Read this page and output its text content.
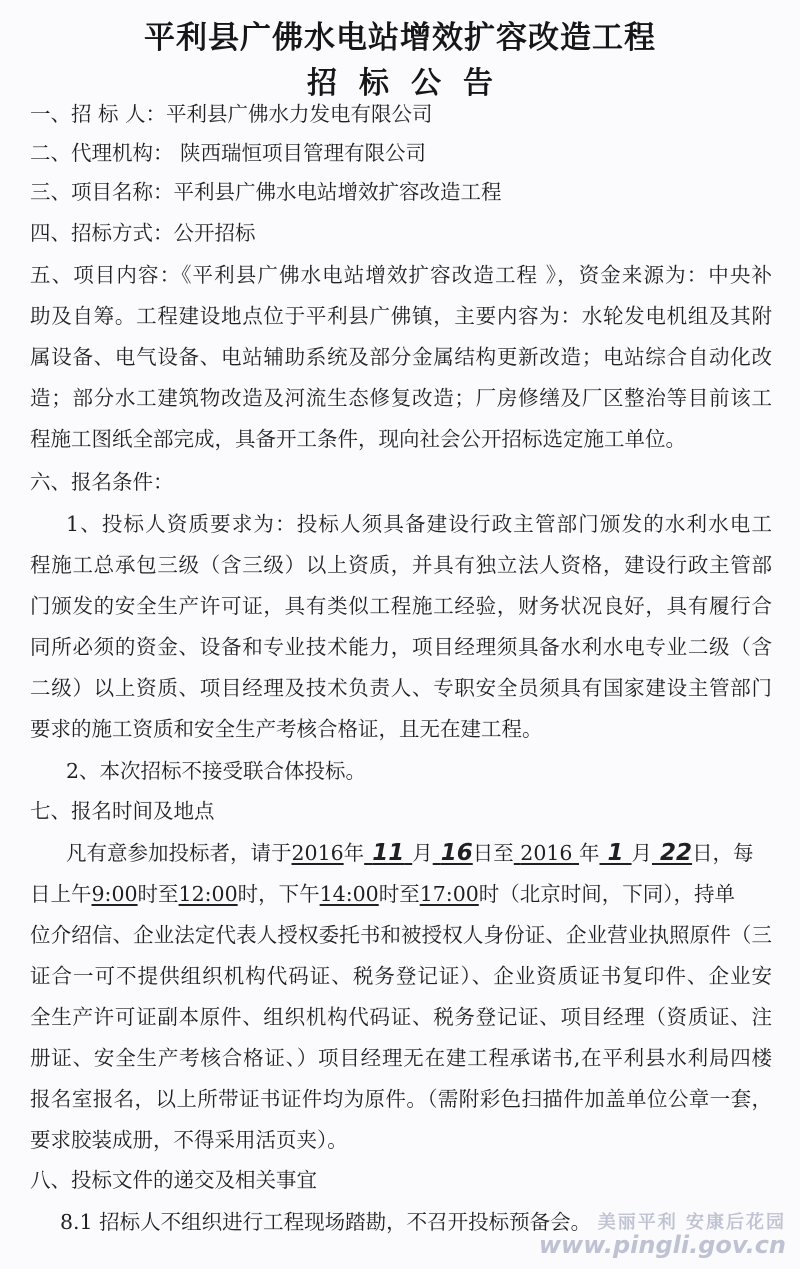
平利县广佛水电站增效扩容改造工程
招标公告
一、招 标 人：平利县广佛水力发电有限公司
二、代理机构： 陕西瑞恒项目管理有限公司
三、项目名称：平利县广佛水电站增效扩容改造工程
四、招标方式：公开招标
五、项目内容：《平利县广佛水电站增效扩容改造工程 》，资金来源为：中央补
助及自筹。工程建设地点位于平利县广佛镇，主要内容为：水轮发电机组及其附
属设备、电气设备、电站辅助系统及部分金属结构更新改造；电站综合自动化改
造；部分水工建筑物改造及河流生态修复改造；厂房修缮及厂区整治等目前该工
程施工图纸全部完成，具备开工条件，现向社会公开招标选定施工单位。
六、报名条件：
1、投标人资质要求为：投标人须具备建设行政主管部门颁发的水利水电工
程施工总承包三级（含三级）以上资质，并具有独立法人资格，建设行政主管部
门颁发的安全生产许可证，具有类似工程施工经验，财务状况良好，具有履行合
同所必须的资金、设备和专业技术能力，项目经理须具备水利水电专业二级（含
二级）以上资质、项目经理及技术负责人、专职安全员须具有国家建设主管部门
要求的施工资质和安全生产考核合格证，且无在建工程。
2、本次招标不接受联合体投标。
七、报名时间及地点
凡有意参加投标者，请于2016年 11 月 16日至 2016 年 1 月 22日，每
日上午9:00时至12:00时，下午14:00时至17:00时（北京时间，下同），持单
位介绍信、企业法定代表人授权委托书和被授权人身份证、企业营业执照原件（三
证合一可不提供组织机构代码证、税务登记证）、企业资质证书复印件、企业安
全生产许可证副本原件、组织机构代码证、税务登记证、项目经理（资质证、注
册证、安全生产考核合格证、）项目经理无在建工程承诺书,在平利县水利局四楼
报名室报名，以上所带证书证件均为原件。（需附彩色扫描件加盖单位公章一套，
要求胶装成册，不得采用活页夹）。
八、投标文件的递交及相关事宜
8.1 招标人不组织进行工程现场踏勘，不召开投标预备会。 美丽平利 安康后花园
www.pingli.gov.cn
